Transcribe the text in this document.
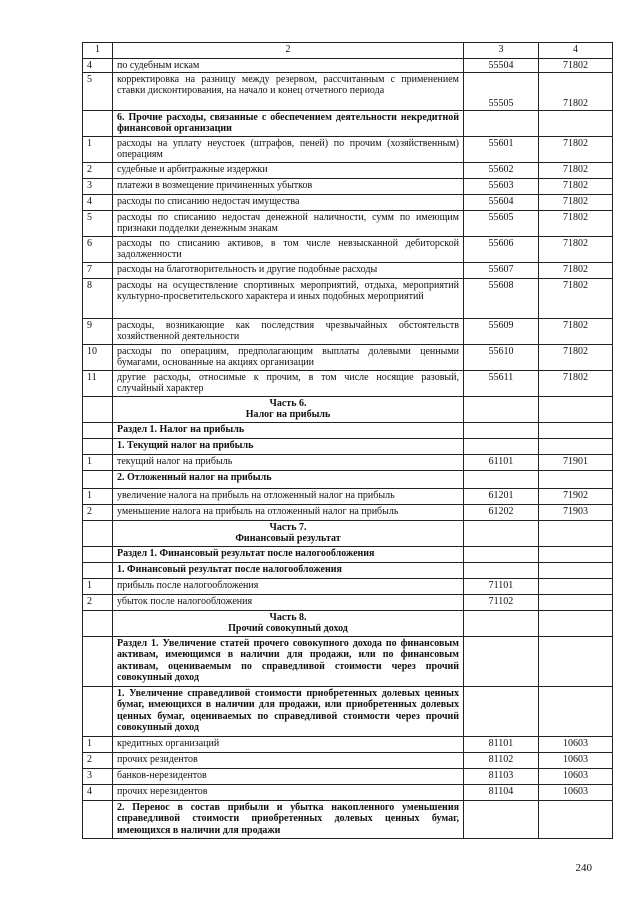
1	2	3	4
4	по судебным искам	55504	71802
5	корректировка на разницу между резервом, рассчитанным с применением ставки дисконтирования, на начало и конец отчетного периода	55505	71802
	6. Прочие расходы, связанные с обеспечением деятельности некредитной финансовой организации		
1	расходы на уплату неустоек (штрафов, пеней) по прочим (хозяйственным) операциям	55601	71802
2	судебные и арбитражные издержки	55602	71802
3	платежи в возмещение причиненных убытков	55603	71802
4	расходы по списанию недостач имущества	55604	71802
5	расходы по списанию недостач денежной наличности, сумм по имеющим признаки подделки денежным знакам	55605	71802
6	расходы по списанию активов, в том числе невзысканной дебиторской задолженности	55606	71802
7	расходы на благотворительность и другие подобные расходы	55607	71802
8	расходы на осуществление спортивных мероприятий, отдыха, мероприятий культурно-просветительского характера и иных подобных мероприятий	55608	71802
9	расходы, возникающие как последствия чрезвычайных обстоятельств хозяйственной деятельности	55609	71802
10	расходы по операциям, предполагающим выплаты долевыми ценными бумагами, основанные на акциях организации	55610	71802
11	другие расходы, относимые к прочим, в том числе носящие разовый, случайный характер	55611	71802
	Часть 6.
Налог на прибыль		
	Раздел 1. Налог на прибыль		
	1. Текущий налог на прибыль		
1	текущий налог на прибыль	61101	71901
	2. Отложенный налог на прибыль		
1	увеличение налога на прибыль на отложенный налог на прибыль	61201	71902
2	уменьшение налога на прибыль на отложенный налог на прибыль	61202	71903
	Часть 7.
Финансовый результат		
	Раздел 1. Финансовый результат после налогообложения		
	1. Финансовый результат после налогообложения		
1	прибыль после налогообложения	71101	
2	убыток после налогообложения	71102	
	Часть 8.
Прочий совокупный доход		
	Раздел 1. Увеличение статей прочего совокупного дохода по финансовым активам, имеющимся в наличии для продажи, или по финансовым активам, оцениваемым по справедливой стоимости через прочий совокупный доход		
	1. Увеличение справедливой стоимости приобретенных долевых ценных бумаг, имеющихся в наличии для продажи, или приобретенных долевых ценных бумаг, оцениваемых по справедливой стоимости через прочий совокупный доход		
1	кредитных организаций	81101	10603
2	прочих резидентов	81102	10603
3	банков-нерезидентов	81103	10603
4	прочих нерезидентов	81104	10603
	2. Перенос в состав прибыли и убытка накопленного уменьшения справедливой стоимости приобретенных долевых ценных бумаг, имеющихся в наличии для продажи		
240
